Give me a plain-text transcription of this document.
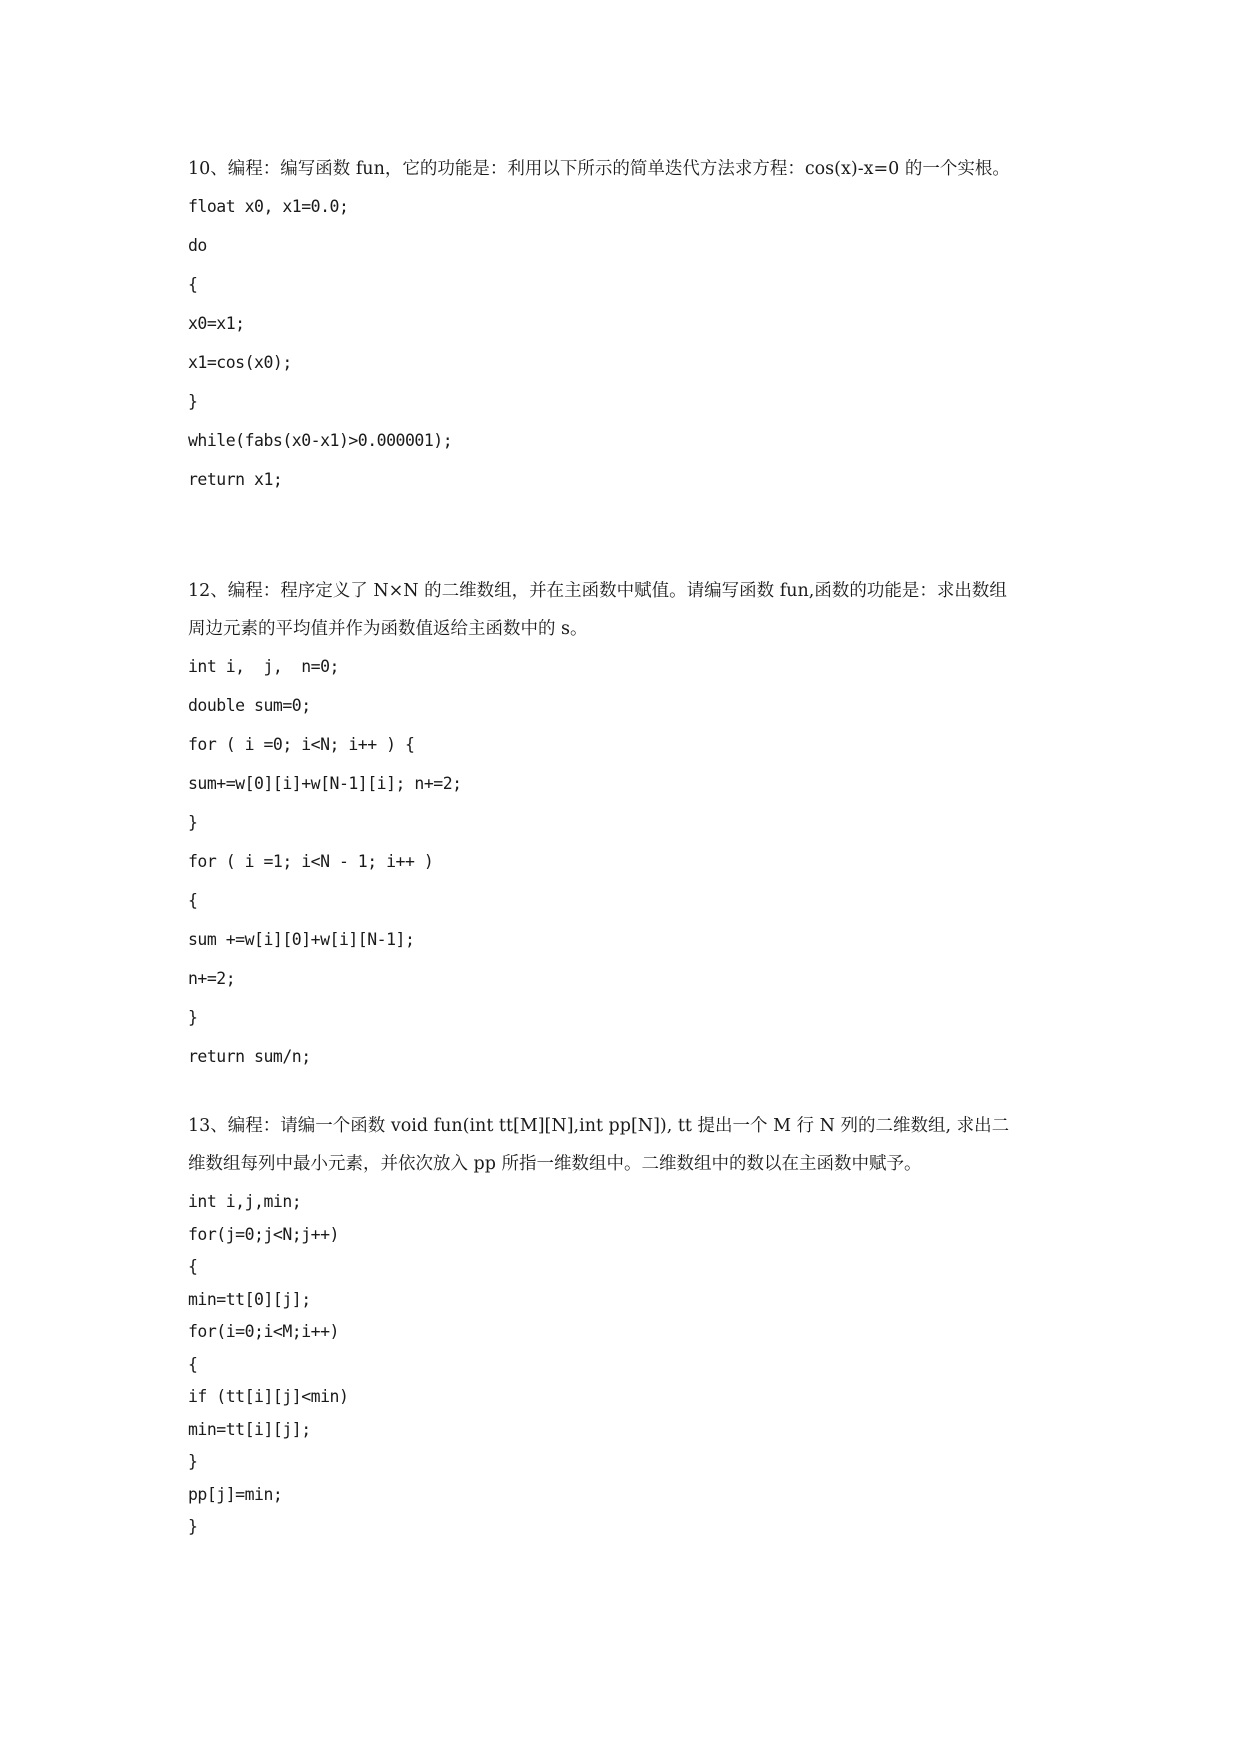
10、编程：编写函数 fun，它的功能是：利用以下所示的简单迭代方法求方程：cos(x)-x=0 的一个实根。
float x0, x1=0.0;
do
{
x0=x1;
x1=cos(x0);
}
while(fabs(x0-x1)>0.000001);
return x1;
12、编程：程序定义了 N×N 的二维数组，并在主函数中赋值。请编写函数 fun,函数的功能是：求出数组
周边元素的平均值并作为函数值返给主函数中的 s。
int i,  j,  n=0;
double sum=0;
for ( i =0; i<N; i++ ) {
sum+=w[0][i]+w[N-1][i]; n+=2;
}
for ( i =1; i<N - 1; i++ )
{
sum +=w[i][0]+w[i][N-1];
n+=2;
}
return sum/n;
13、编程：请编一个函数 void fun(int tt[M][N],int pp[N]), tt 提出一个 M 行 N 列的二维数组, 求出二
维数组每列中最小元素，并依次放入 pp 所指一维数组中。二维数组中的数以在主函数中赋予。
int i,j,min;
for(j=0;j<N;j++)
{
min=tt[0][j];
for(i=0;i<M;i++)
{
if (tt[i][j]<min)
min=tt[i][j];
}
pp[j]=min;
}
